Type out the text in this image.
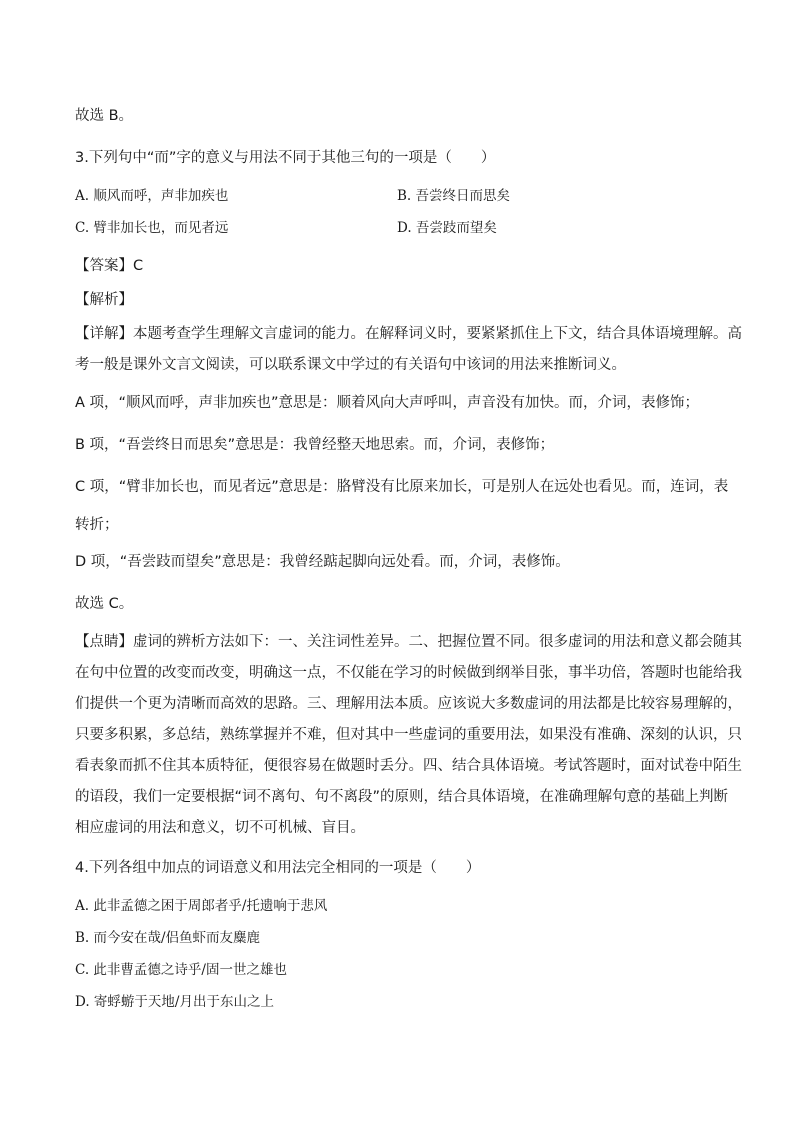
故选 B。
3.下列句中“而”字的意义与用法不同于其他三句的一项是（　　）
A. 顺风而呼，声非加疾也	B. 吾尝终日而思矣
C. 臂非加长也，而见者远	D. 吾尝跂而望矣
【答案】C
【解析】
【详解】本题考查学生理解文言虚词的能力。在解释词义时，要紧紧抓住上下文，结合具体语境理解。高
考一般是课外文言文阅读，可以联系课文中学过的有关语句中该词的用法来推断词义。
A 项，“顺风而呼，声非加疾也”意思是：顺着风向大声呼叫，声音没有加快。而，介词，表修饰；
B 项，“吾尝终日而思矣”意思是：我曾经整天地思索。而，介词，表修饰；
C 项，“臂非加长也，而见者远”意思是：胳臂没有比原来加长，可是别人在远处也看见。而，连词，表
转折；
D 项，“吾尝跂而望矣”意思是：我曾经踮起脚向远处看。而，介词，表修饰。
故选 C。
【点睛】虚词的辨析方法如下：一、关注词性差异。二、把握位置不同。很多虚词的用法和意义都会随其
在句中位置的改变而改变，明确这一点，不仅能在学习的时候做到纲举目张，事半功倍，答题时也能给我
们提供一个更为清晰而高效的思路。三、理解用法本质。应该说大多数虚词的用法都是比较容易理解的，
只要多积累，多总结，熟练掌握并不难，但对其中一些虚词的重要用法，如果没有准确、深刻的认识，只
看表象而抓不住其本质特征，便很容易在做题时丢分。四、结合具体语境。考试答题时，面对试卷中陌生
的语段，我们一定要根据“词不离句、句不离段”的原则，结合具体语境，在准确理解句意的基础上判断
相应虚词的用法和意义，切不可机械、盲目。
4.下列各组中加点的词语意义和用法完全相同的一项是（　　）
A. 此非孟德之困于周郎者乎/托遗响于悲风
B. 而今安在哉/侣鱼虾而友麋鹿
C. 此非曹孟德之诗乎/固一世之雄也
D. 寄蜉蝣于天地/月出于东山之上
